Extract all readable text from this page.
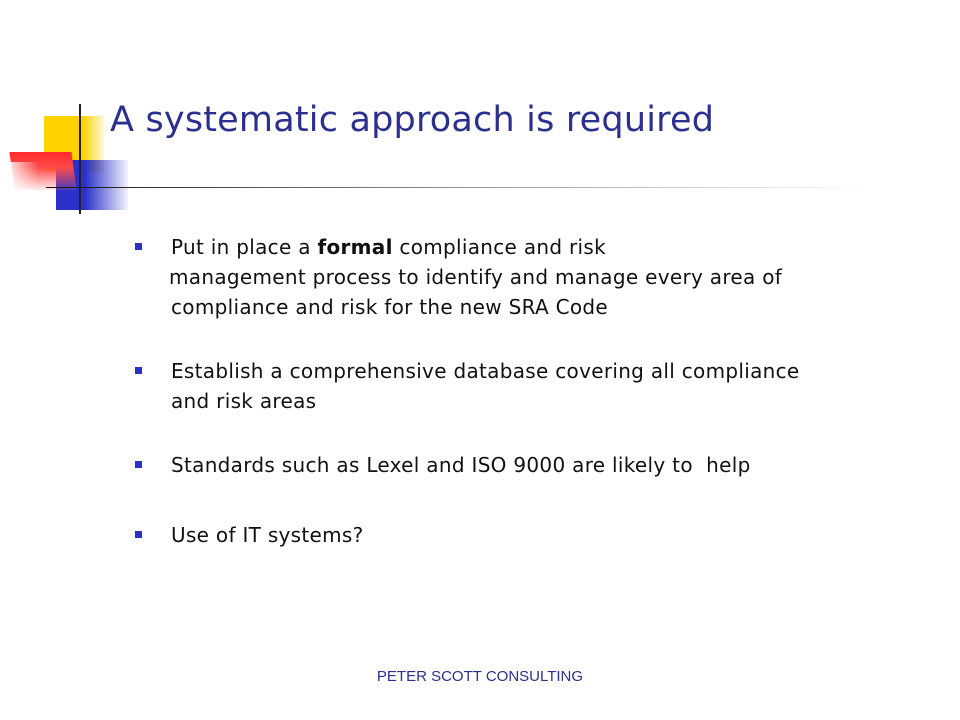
A systematic approach is required
Put in place a formal compliance and risk
management process to identify and manage every area of
compliance and risk for the new SRA Code
Establish a comprehensive database covering all compliance
and risk areas
Standards such as Lexel and ISO 9000 are likely to  help
Use of IT systems?
PETER SCOTT CONSULTING
